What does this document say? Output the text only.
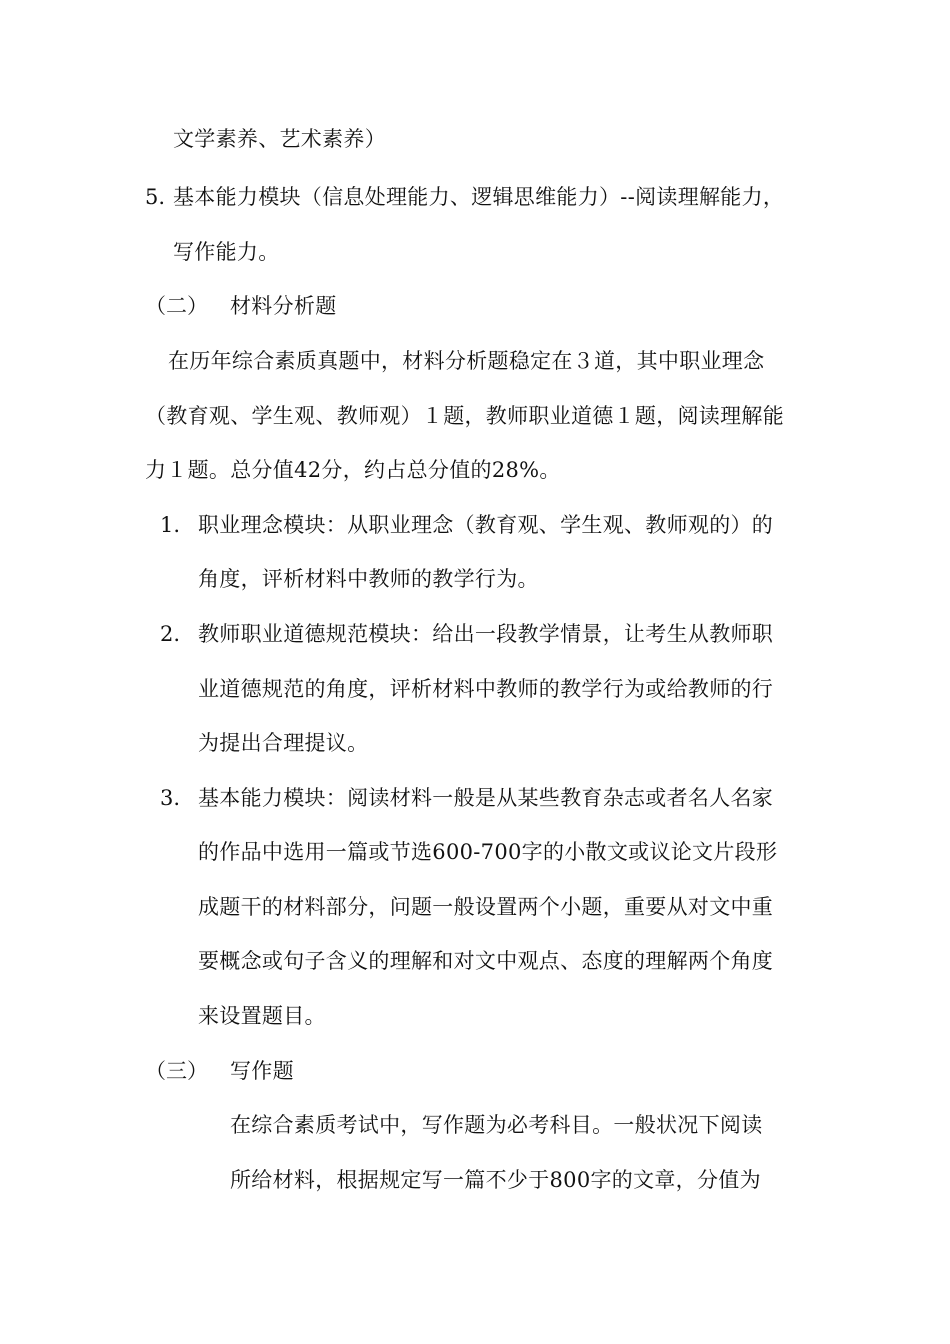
文学素养、艺术素养）
5. 基本能力模块（信息处理能力、逻辑思维能力）--阅读理解能力，
写作能力。
（二） 材料分析题
在历年综合素质真题中，材料分析题稳定在３道，其中职业理念
（教育观、学生观、教师观）１题，教师职业道德１题，阅读理解能
力１题。总分值42分，约占总分值的28%。
1. 职业理念模块：从职业理念（教育观、学生观、教师观的）的
角度，评析材料中教师的教学行为。
2. 教师职业道德规范模块：给出一段教学情景，让考生从教师职
业道德规范的角度，评析材料中教师的教学行为或给教师的行
为提出合理提议。
3. 基本能力模块：阅读材料一般是从某些教育杂志或者名人名家
的作品中选用一篇或节选600-700字的小散文或议论文片段形
成题干的材料部分，问题一般设置两个小题，重要从对文中重
要概念或句子含义的理解和对文中观点、态度的理解两个角度
来设置题目。
（三） 写作题
在综合素质考试中，写作题为必考科目。一般状况下阅读
所给材料，根据规定写一篇不少于800字的文章，分值为
